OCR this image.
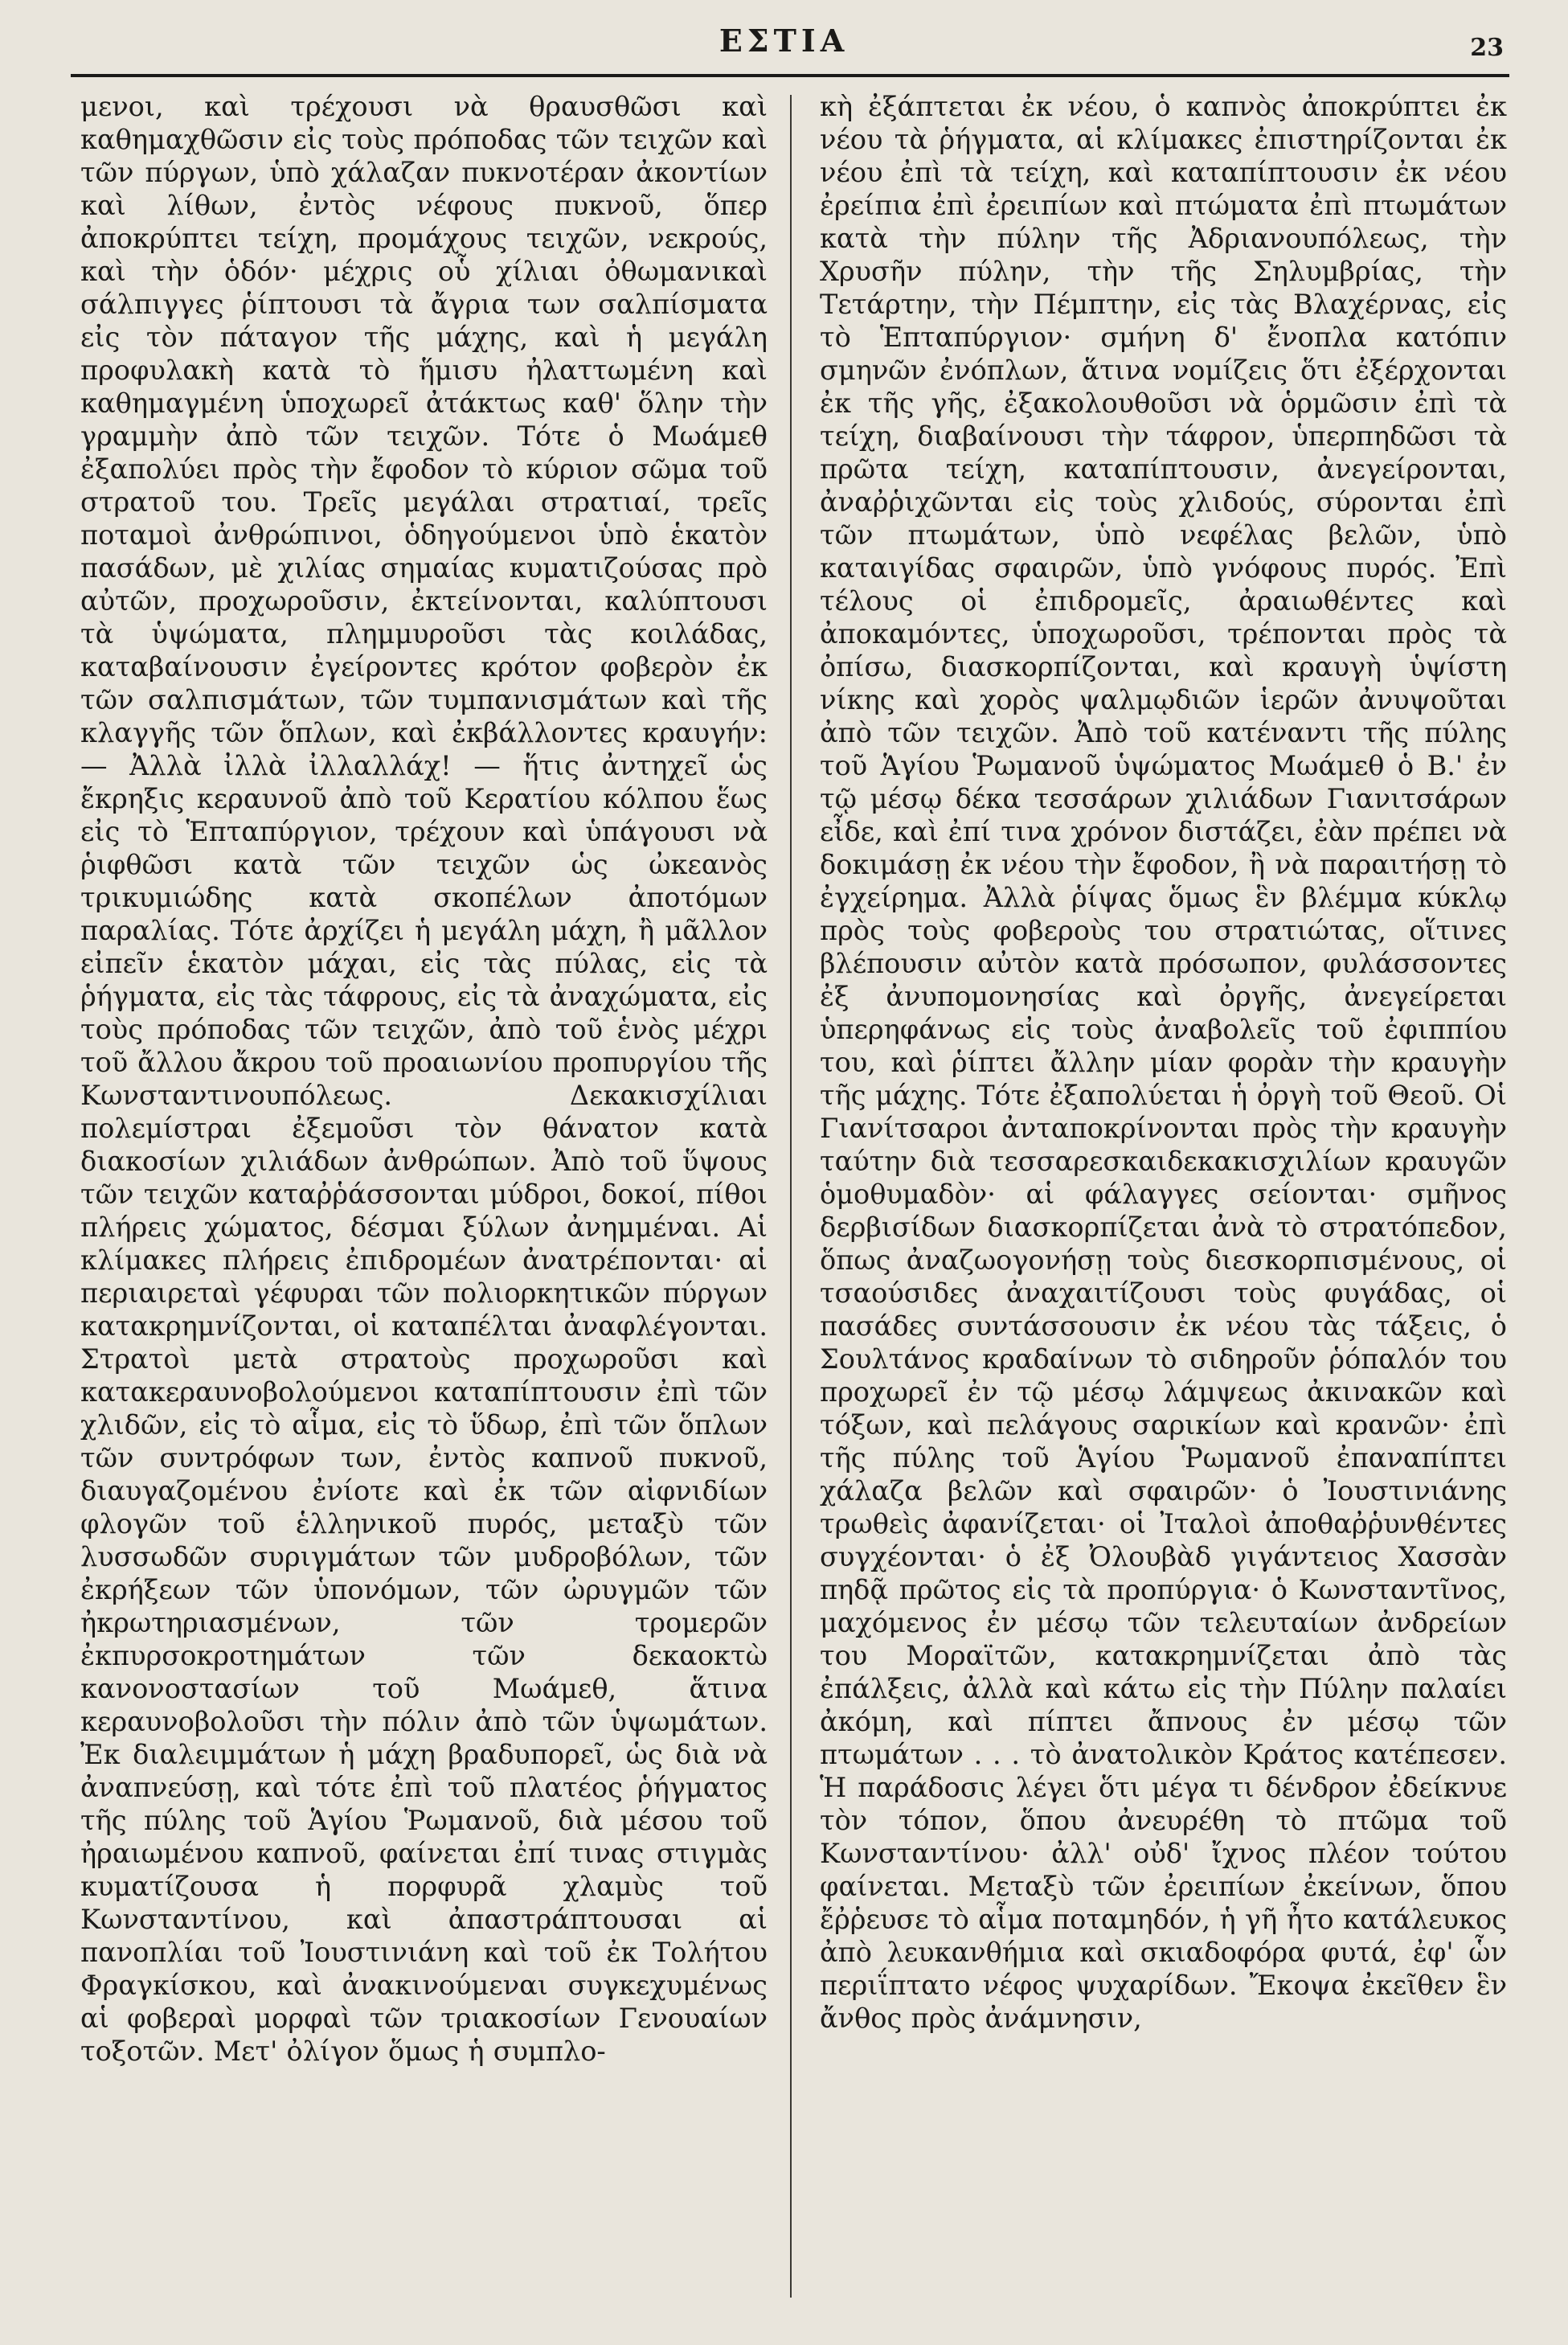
ΕΣΤΙΑ	23

μενοι, καὶ τρέχουσι νὰ θραυσθῶσι καὶ καθημαχθῶσιν εἰς τοὺς πρόποδας τῶν τειχῶν καὶ τῶν πύργων, ὑπὸ χάλαζαν πυκνοτέραν ἀκοντίων καὶ λίθων, ἐντὸς νέφους πυκνοῦ, ὅπερ ἀποκρύπτει τείχη, προμάχους τειχῶν, νεκρούς, καὶ τὴν ὁδόν· μέχρις οὗ χίλιαι ὀθωμανικαὶ σάλπιγγες ῥίπτουσι τὰ ἄγρια των σαλπίσματα εἰς τὸν πάταγον τῆς μάχης, καὶ ἡ μεγάλη προφυλακὴ κατὰ τὸ ἥμισυ ἠλαττωμένη καὶ καθημαγμένη ὑποχωρεῖ ἀτάκτως καθ' ὅλην τὴν γραμμὴν ἀπὸ τῶν τειχῶν. Τότε ὁ Μωάμεθ ἐξαπολύει πρὸς τὴν ἔφοδον τὸ κύριον σῶμα τοῦ στρατοῦ του. Τρεῖς μεγάλαι στρατιαί, τρεῖς ποταμοὶ ἀνθρώπινοι, ὁδηγούμενοι ὑπὸ ἑκατὸν πασάδων, μὲ χιλίας σημαίας κυματιζούσας πρὸ αὐτῶν, προχωροῦσιν, ἐκτείνονται, καλύπτουσι τὰ ὑψώματα, πλημμυροῦσι τὰς κοιλάδας, καταβαίνουσιν ἐγείροντες κρότον φοβερὸν ἐκ τῶν σαλπισμάτων, τῶν τυμπανισμάτων καὶ τῆς κλαγγῆς τῶν ὅπλων, καὶ ἐκβάλλοντες κραυγήν: — Ἀλλὰ ἰλλὰ ἰλλαλλάχ! — ἥτις ἀντηχεῖ ὡς ἔκρηξις κεραυνοῦ ἀπὸ τοῦ Κερατίου κόλπου ἕως εἰς τὸ Ἑπταπύργιον, τρέχουν καὶ ὑπάγουσι νὰ ῥιφθῶσι κατὰ τῶν τειχῶν ὡς ὠκεανὸς τρικυμιώδης κατὰ σκοπέλων ἀποτόμων παραλίας. Τότε ἀρχίζει ἡ μεγάλη μάχη, ἢ μᾶλλον εἰπεῖν ἑκατὸν μάχαι, εἰς τὰς πύλας, εἰς τὰ ῥήγματα, εἰς τὰς τάφρους, εἰς τὰ ἀναχώματα, εἰς τοὺς πρόποδας τῶν τειχῶν, ἀπὸ τοῦ ἑνὸς μέχρι τοῦ ἄλλου ἄκρου τοῦ προαιωνίου προπυργίου τῆς Κωνσταντινουπόλεως. Δεκακισχίλιαι πολεμίστραι ἐξεμοῦσι τὸν θάνατον κατὰ διακοσίων χιλιάδων ἀνθρώπων. Ἀπὸ τοῦ ὕψους τῶν τειχῶν καταῤῥάσσονται μύδροι, δοκοί, πίθοι πλήρεις χώματος, δέσμαι ξύλων ἀνημμέναι. Αἱ κλίμακες πλήρεις ἐπιδρομέων ἀνατρέπονται· αἱ περιαιρεταὶ γέφυραι τῶν πολιορκητικῶν πύργων κατακρημνίζονται, οἱ καταπέλται ἀναφλέγονται. Στρατοὶ μετὰ στρατοὺς προχωροῦσι καὶ κατακεραυνοβολούμενοι καταπίπτουσιν ἐπὶ τῶν χλιδῶν, εἰς τὸ αἷμα, εἰς τὸ ὕδωρ, ἐπὶ τῶν ὅπλων τῶν συντρόφων των, ἐντὸς καπνοῦ πυκνοῦ, διαυγαζομένου ἐνίοτε καὶ ἐκ τῶν αἰφνιδίων φλογῶν τοῦ ἑλληνικοῦ πυρός, μεταξὺ τῶν λυσσωδῶν συριγμάτων τῶν μυδροβόλων, τῶν ἐκρήξεων τῶν ὑπονόμων, τῶν ὠρυγμῶν τῶν ἠκρωτηριασμένων, τῶν τρομερῶν ἐκπυρσοκροτημάτων τῶν δεκαοκτὼ κανονοστασίων τοῦ Μωάμεθ, ἅτινα κεραυνοβολοῦσι τὴν πόλιν ἀπὸ τῶν ὑψωμάτων. Ἐκ διαλειμμάτων ἡ μάχη βραδυπορεῖ, ὡς διὰ νὰ ἀναπνεύσῃ, καὶ τότε ἐπὶ τοῦ πλατέος ῥήγματος τῆς πύλης τοῦ Ἁγίου Ῥωμανοῦ, διὰ μέσου τοῦ ἠραιωμένου καπνοῦ, φαίνεται ἐπί τινας στιγμὰς κυματίζουσα ἡ πορφυρᾶ χλαμὺς τοῦ Κωνσταντίνου, καὶ ἀπαστράπτουσαι αἱ πανοπλίαι τοῦ Ἰουστινιάνη καὶ τοῦ ἐκ Τολήτου Φραγκίσκου, καὶ ἀνακινούμεναι συγκεχυμένως αἱ φοβεραὶ μορφαὶ τῶν τριακοσίων Γενουαίων τοξοτῶν. Μετ' ὀλίγον ὅμως ἡ συμπλο-

κὴ ἐξάπτεται ἐκ νέου, ὁ καπνὸς ἀποκρύπτει ἐκ νέου τὰ ῥήγματα, αἱ κλίμακες ἐπιστηρίζονται ἐκ νέου ἐπὶ τὰ τείχη, καὶ καταπίπτουσιν ἐκ νέου ἐρείπια ἐπὶ ἐρειπίων καὶ πτώματα ἐπὶ πτωμάτων κατὰ τὴν πύλην τῆς Ἀδριανουπόλεως, τὴν Χρυσῆν πύλην, τὴν τῆς Σηλυμβρίας, τὴν Τετάρτην, τὴν Πέμπτην, εἰς τὰς Βλαχέρνας, εἰς τὸ Ἑπταπύργιον· σμήνη δ' ἔνοπλα κατόπιν σμηνῶν ἐνόπλων, ἅτινα νομίζεις ὅτι ἐξέρχονται ἐκ τῆς γῆς, ἐξακολουθοῦσι νὰ ὁρμῶσιν ἐπὶ τὰ τείχη, διαβαίνουσι τὴν τάφρον, ὑπερπηδῶσι τὰ πρῶτα τείχη, καταπίπτουσιν, ἀνεγείρονται, ἀναῤῥιχῶνται εἰς τοὺς χλιδούς, σύρονται ἐπὶ τῶν πτωμάτων, ὑπὸ νεφέλας βελῶν, ὑπὸ καταιγίδας σφαιρῶν, ὑπὸ γνόφους πυρός. Ἐπὶ τέλους οἱ ἐπιδρομεῖς, ἀραιωθέντες καὶ ἀποκαμόντες, ὑποχωροῦσι, τρέπονται πρὸς τὰ ὀπίσω, διασκορπίζονται, καὶ κραυγὴ ὑψίστη νίκης καὶ χορὸς ψαλμῳδιῶν ἱερῶν ἀνυψοῦται ἀπὸ τῶν τειχῶν. Ἀπὸ τοῦ κατέναντι τῆς πύλης τοῦ Ἁγίου Ῥωμανοῦ ὑψώματος Μωάμεθ ὁ Β.' ἐν τῷ μέσῳ δέκα τεσσάρων χιλιάδων Γιανιτσάρων εἶδε, καὶ ἐπί τινα χρόνον διστάζει, ἐὰν πρέπει νὰ δοκιμάσῃ ἐκ νέου τὴν ἔφοδον, ἢ νὰ παραιτήσῃ τὸ ἐγχείρημα. Ἀλλὰ ῥίψας ὅμως ἓν βλέμμα κύκλῳ πρὸς τοὺς φοβεροὺς του στρατιώτας, οἵτινες βλέπουσιν αὐτὸν κατὰ πρόσωπον, φυλάσσοντες ἐξ ἀνυπομονησίας καὶ ὀργῆς, ἀνεγείρεται ὑπερηφάνως εἰς τοὺς ἀναβολεῖς τοῦ ἐφιππίου του, καὶ ῥίπτει ἄλλην μίαν φορὰν τὴν κραυγὴν τῆς μάχης. Τότε ἐξαπολύεται ἡ ὀργὴ τοῦ Θεοῦ. Οἱ Γιανίτσαροι ἀνταποκρίνονται πρὸς τὴν κραυγὴν ταύτην διὰ τεσσαρεσκαιδεκακισχιλίων κραυγῶν ὁμοθυμαδὸν· αἱ φάλαγγες σείονται· σμῆνος δερβισίδων διασκορπίζεται ἀνὰ τὸ στρατόπεδον, ὅπως ἀναζωογονήσῃ τοὺς διεσκορπισμένους, οἱ τσαούσιδες ἀναχαιτίζουσι τοὺς φυγάδας, οἱ πασάδες συντάσσουσιν ἐκ νέου τὰς τάξεις, ὁ Σουλτάνος κραδαίνων τὸ σιδηροῦν ῥόπαλόν του προχωρεῖ ἐν τῷ μέσῳ λάμψεως ἀκινακῶν καὶ τόξων, καὶ πελάγους σαρικίων καὶ κρανῶν· ἐπὶ τῆς πύλης τοῦ Ἁγίου Ῥωμανοῦ ἐπαναπίπτει χάλαζα βελῶν καὶ σφαιρῶν· ὁ Ἰουστινιάνης τρωθεὶς ἀφανίζεται· οἱ Ἰταλοὶ ἀποθαῤῥυνθέντες συγχέονται· ὁ ἐξ Ὀλουβὰδ γιγάντειος Χασσὰν πηδᾷ πρῶτος εἰς τὰ προπύργια· ὁ Κωνσταντῖνος, μαχόμενος ἐν μέσῳ τῶν τελευταίων ἀνδρείων του Μοραϊτῶν, κατακρημνίζεται ἀπὸ τὰς ἐπάλξεις, ἀλλὰ καὶ κάτω εἰς τὴν Πύλην παλαίει ἀκόμη, καὶ πίπτει ἄπνους ἐν μέσῳ τῶν πτωμάτων . . . τὸ ἀνατολικὸν Κράτος κατέπεσεν. Ἡ παράδοσις λέγει ὅτι μέγα τι δένδρον ἐδείκνυε τὸν τόπον, ὅπου ἀνευρέθη τὸ πτῶμα τοῦ Κωνσταντίνου· ἀλλ' οὐδ' ἴχνος πλέον τούτου φαίνεται. Μεταξὺ τῶν ἐρειπίων ἐκείνων, ὅπου ἔῤῥευσε τὸ αἷμα ποταμηδόν, ἡ γῆ ἦτο κατάλευκος ἀπὸ λευκανθήμια καὶ σκιαδοφόρα φυτά, ἐφ' ὧν περιΐπτατο νέφος ψυχαρίδων. Ἔκοψα ἐκεῖθεν ἓν ἄνθος πρὸς ἀνάμνησιν,
